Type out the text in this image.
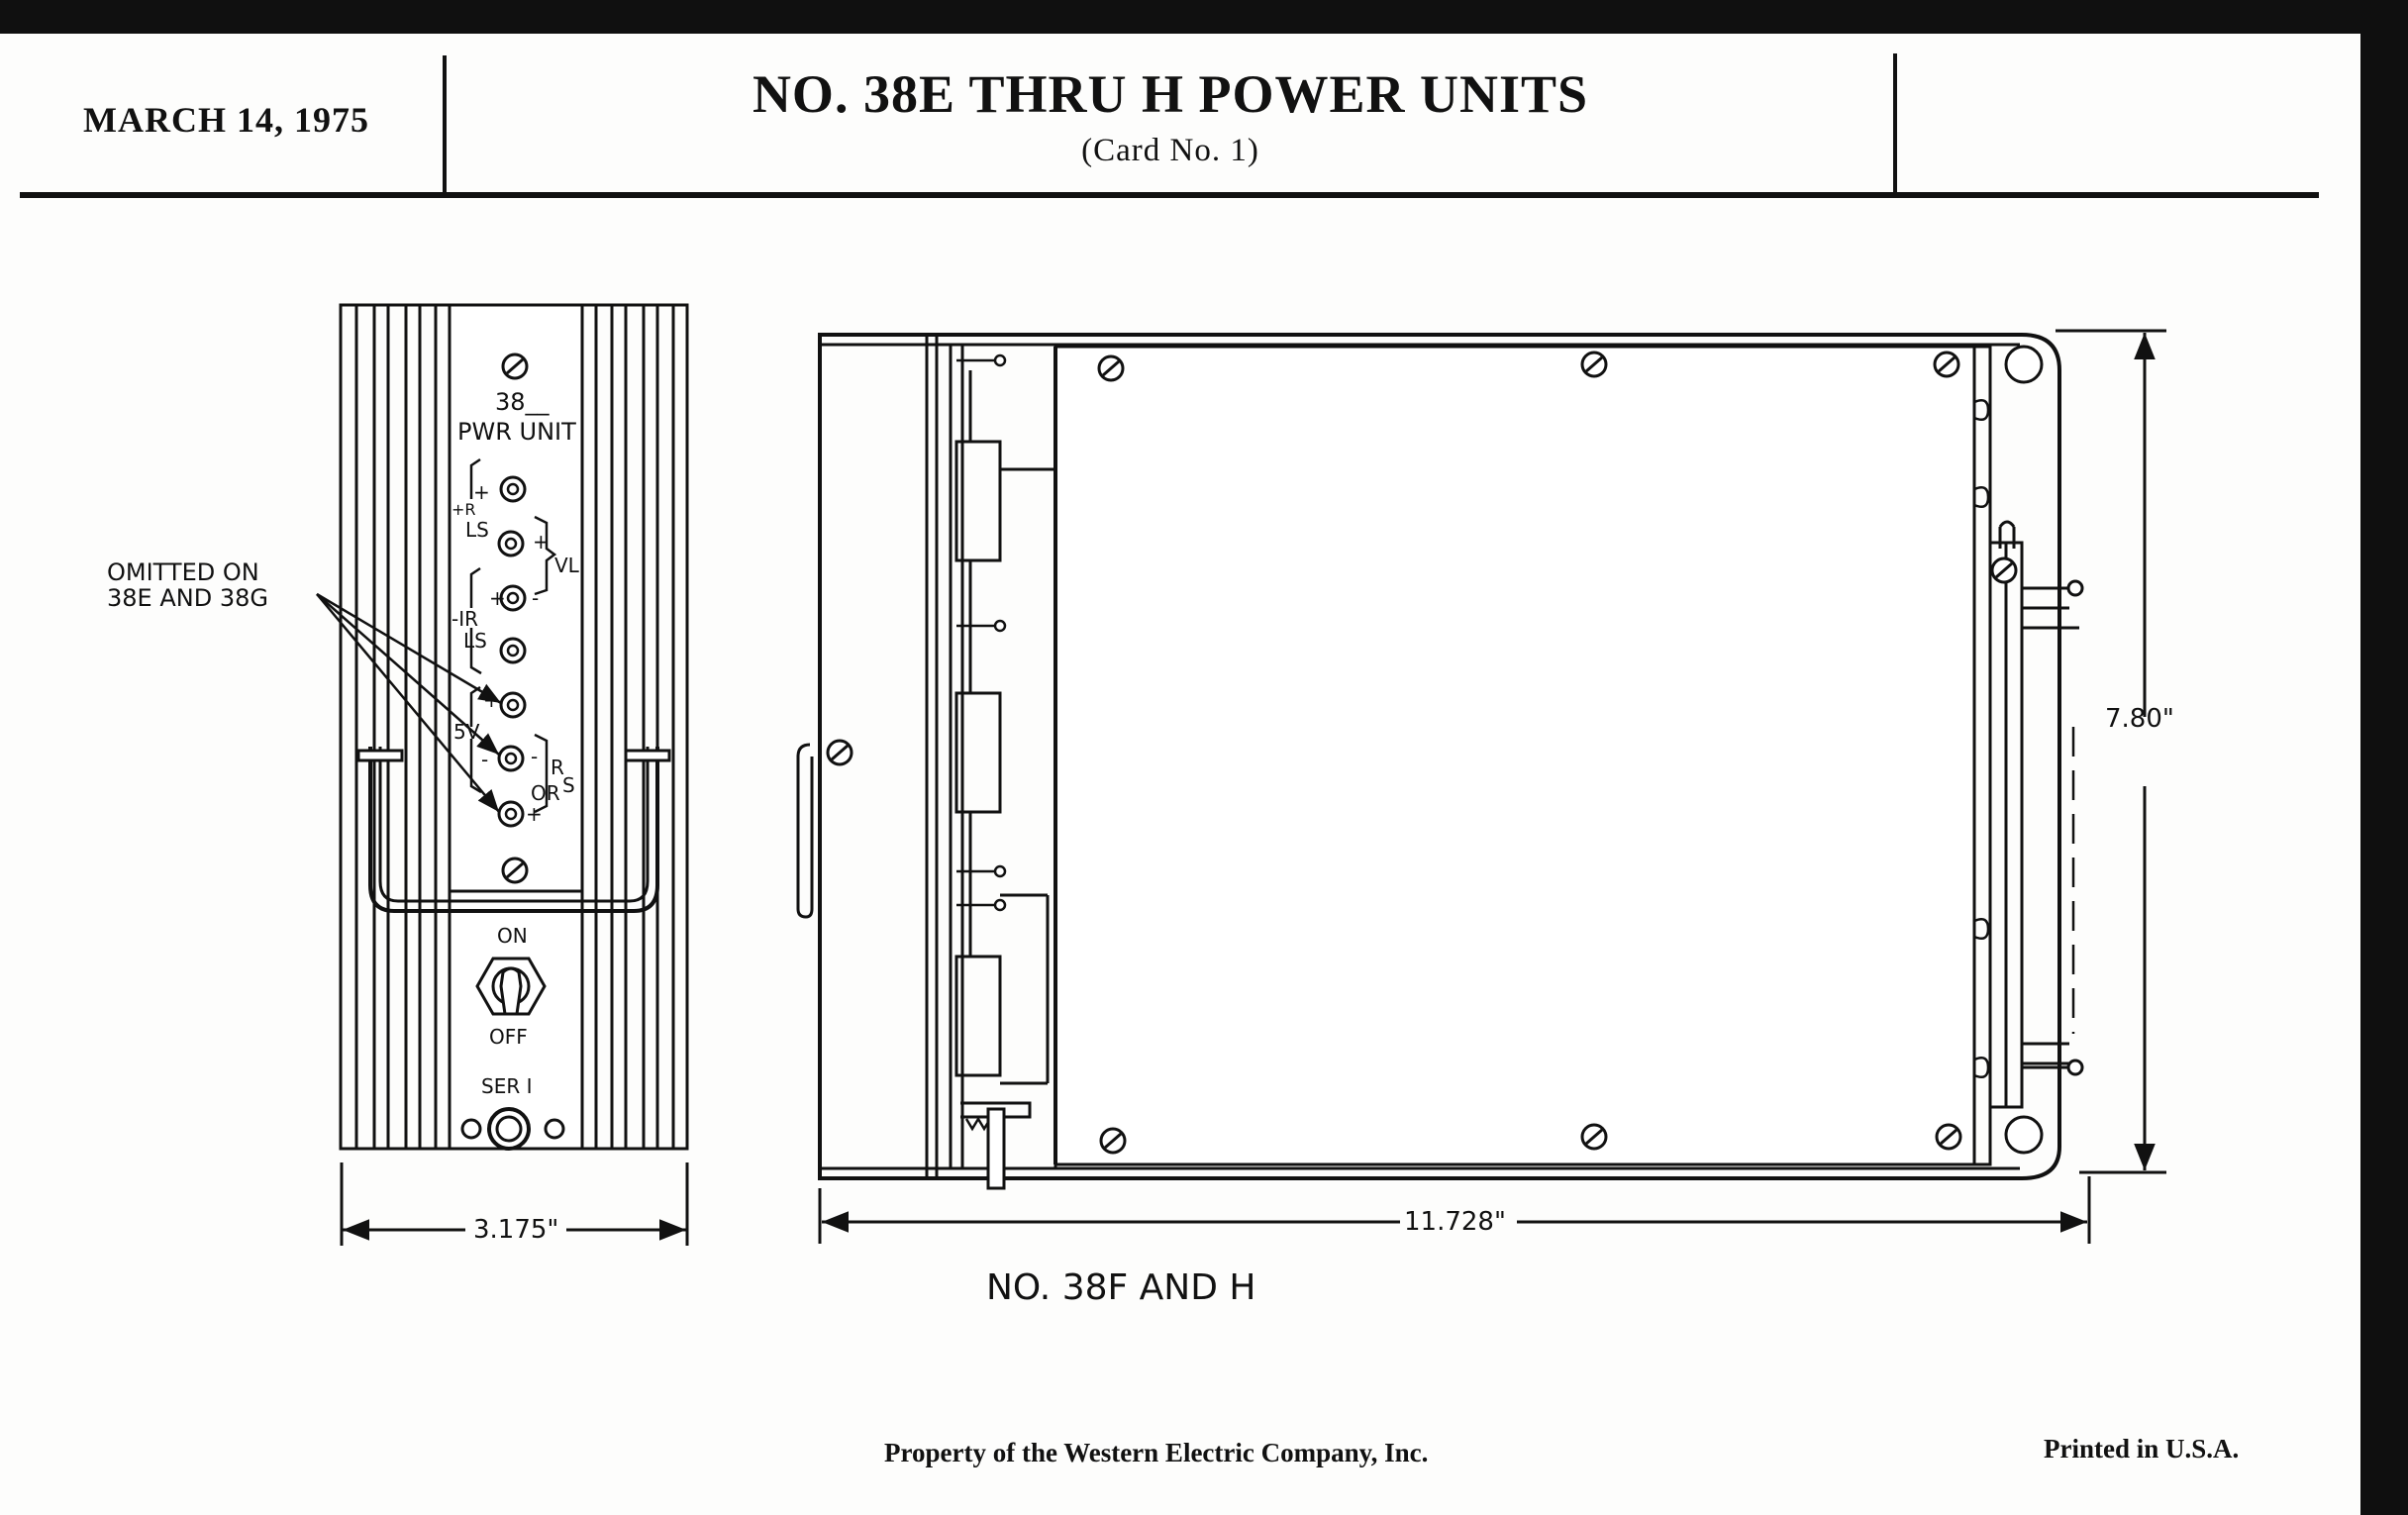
MARCH 14, 1975	NO. 38E THRU H POWER UNITS
(Card No. 1)
38__
PWR UNIT
+
+R
LS +
VL
+ -
-IR
LS
+
5V
- - R
S
OR
+
ON
OFF
SER I
OMITTED ON
38E AND 38G
3.175"
7.80"
11.728"
NO. 38F AND H
Property of the Western Electric Company, Inc.	Printed in U.S.A.
